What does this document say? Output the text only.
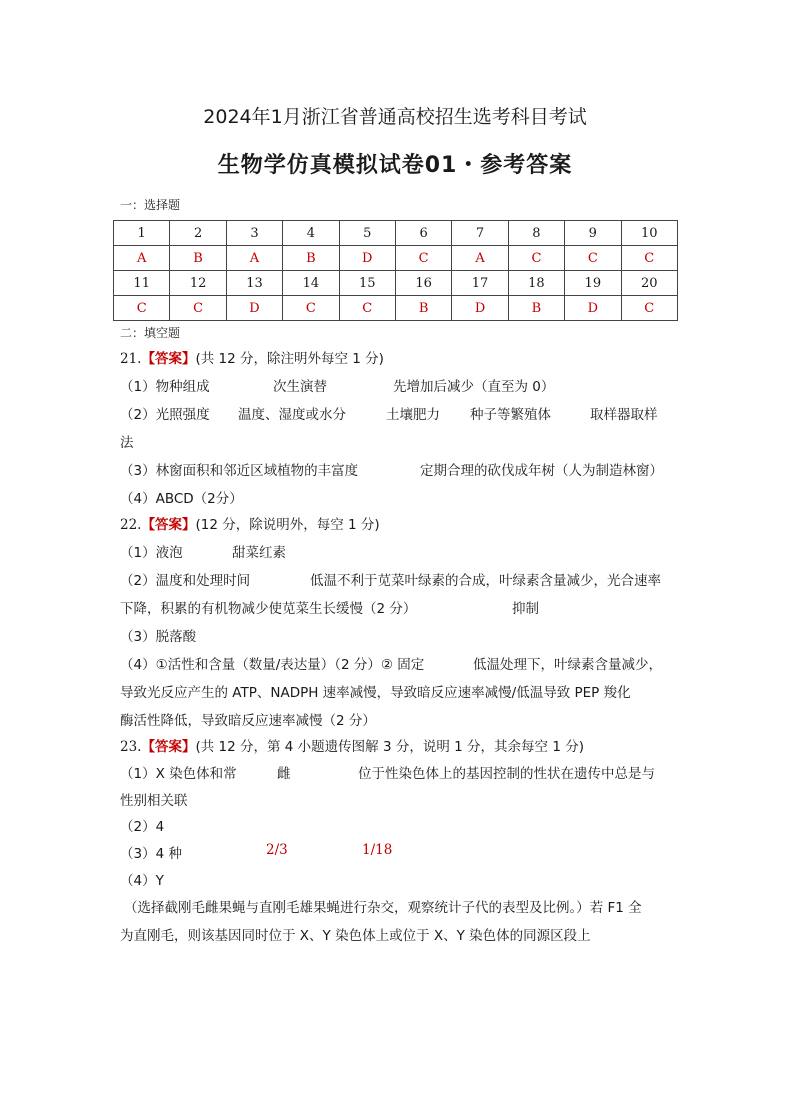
2024年1月浙江省普通高校招生选考科目考试
生物学仿真模拟试卷01・参考答案
一：选择题
1	2	3	4	5	6	7	8	9	10
A	B	A	B	D	C	A	C	C	C
11	12	13	14	15	16	17	18	19	20
C	C	D	C	C	B	D	B	D	C
二：填空题
21.【答案】(共 12 分，除注明外每空 1 分)
（1）物种组成	次生演替	先增加后减少（直至为 0）
（2）光照强度 温度、湿度或水分	土壤肥力 种子等繁殖体	取样器取样
法
（3）林窗面积和邻近区域植物的丰富度	定期合理的砍伐成年树（人为制造林窗）
（4）ABCD（2分）
22.【答案】(12 分，除说明外，每空 1 分)
（1）液泡	甜菜红素
（2）温度和处理时间	低温不利于苋菜叶绿素的合成，叶绿素含量减少，光合速率
下降，积累的有机物减少使苋菜生长缓慢（2 分）	抑制
（3）脱落酸
（4）①活性和含量（数量/表达量）（2 分）② 固定	低温处理下，叶绿素含量减少，
导致光反应产生的 ATP、NADPH 速率减慢，导致暗反应速率减慢/低温导致 PEP 羧化
酶活性降低，导致暗反应速率减慢（2 分）
23.【答案】(共 12 分，第 4 小题遗传图解 3 分，说明 1 分，其余每空 1 分)
（1）X 染色体和常	雌	位于性染色体上的基因控制的性状在遗传中总是与
性别相关联
（2）4
（3）4 种	2/3	1/18
（4）Y
（选择截刚毛雌果蝇与直刚毛雄果蝇进行杂交，观察统计子代的表型及比例。）若 F1 全
为直刚毛，则该基因同时位于 X、Y 染色体上或位于 X、Y 染色体的同源区段上
